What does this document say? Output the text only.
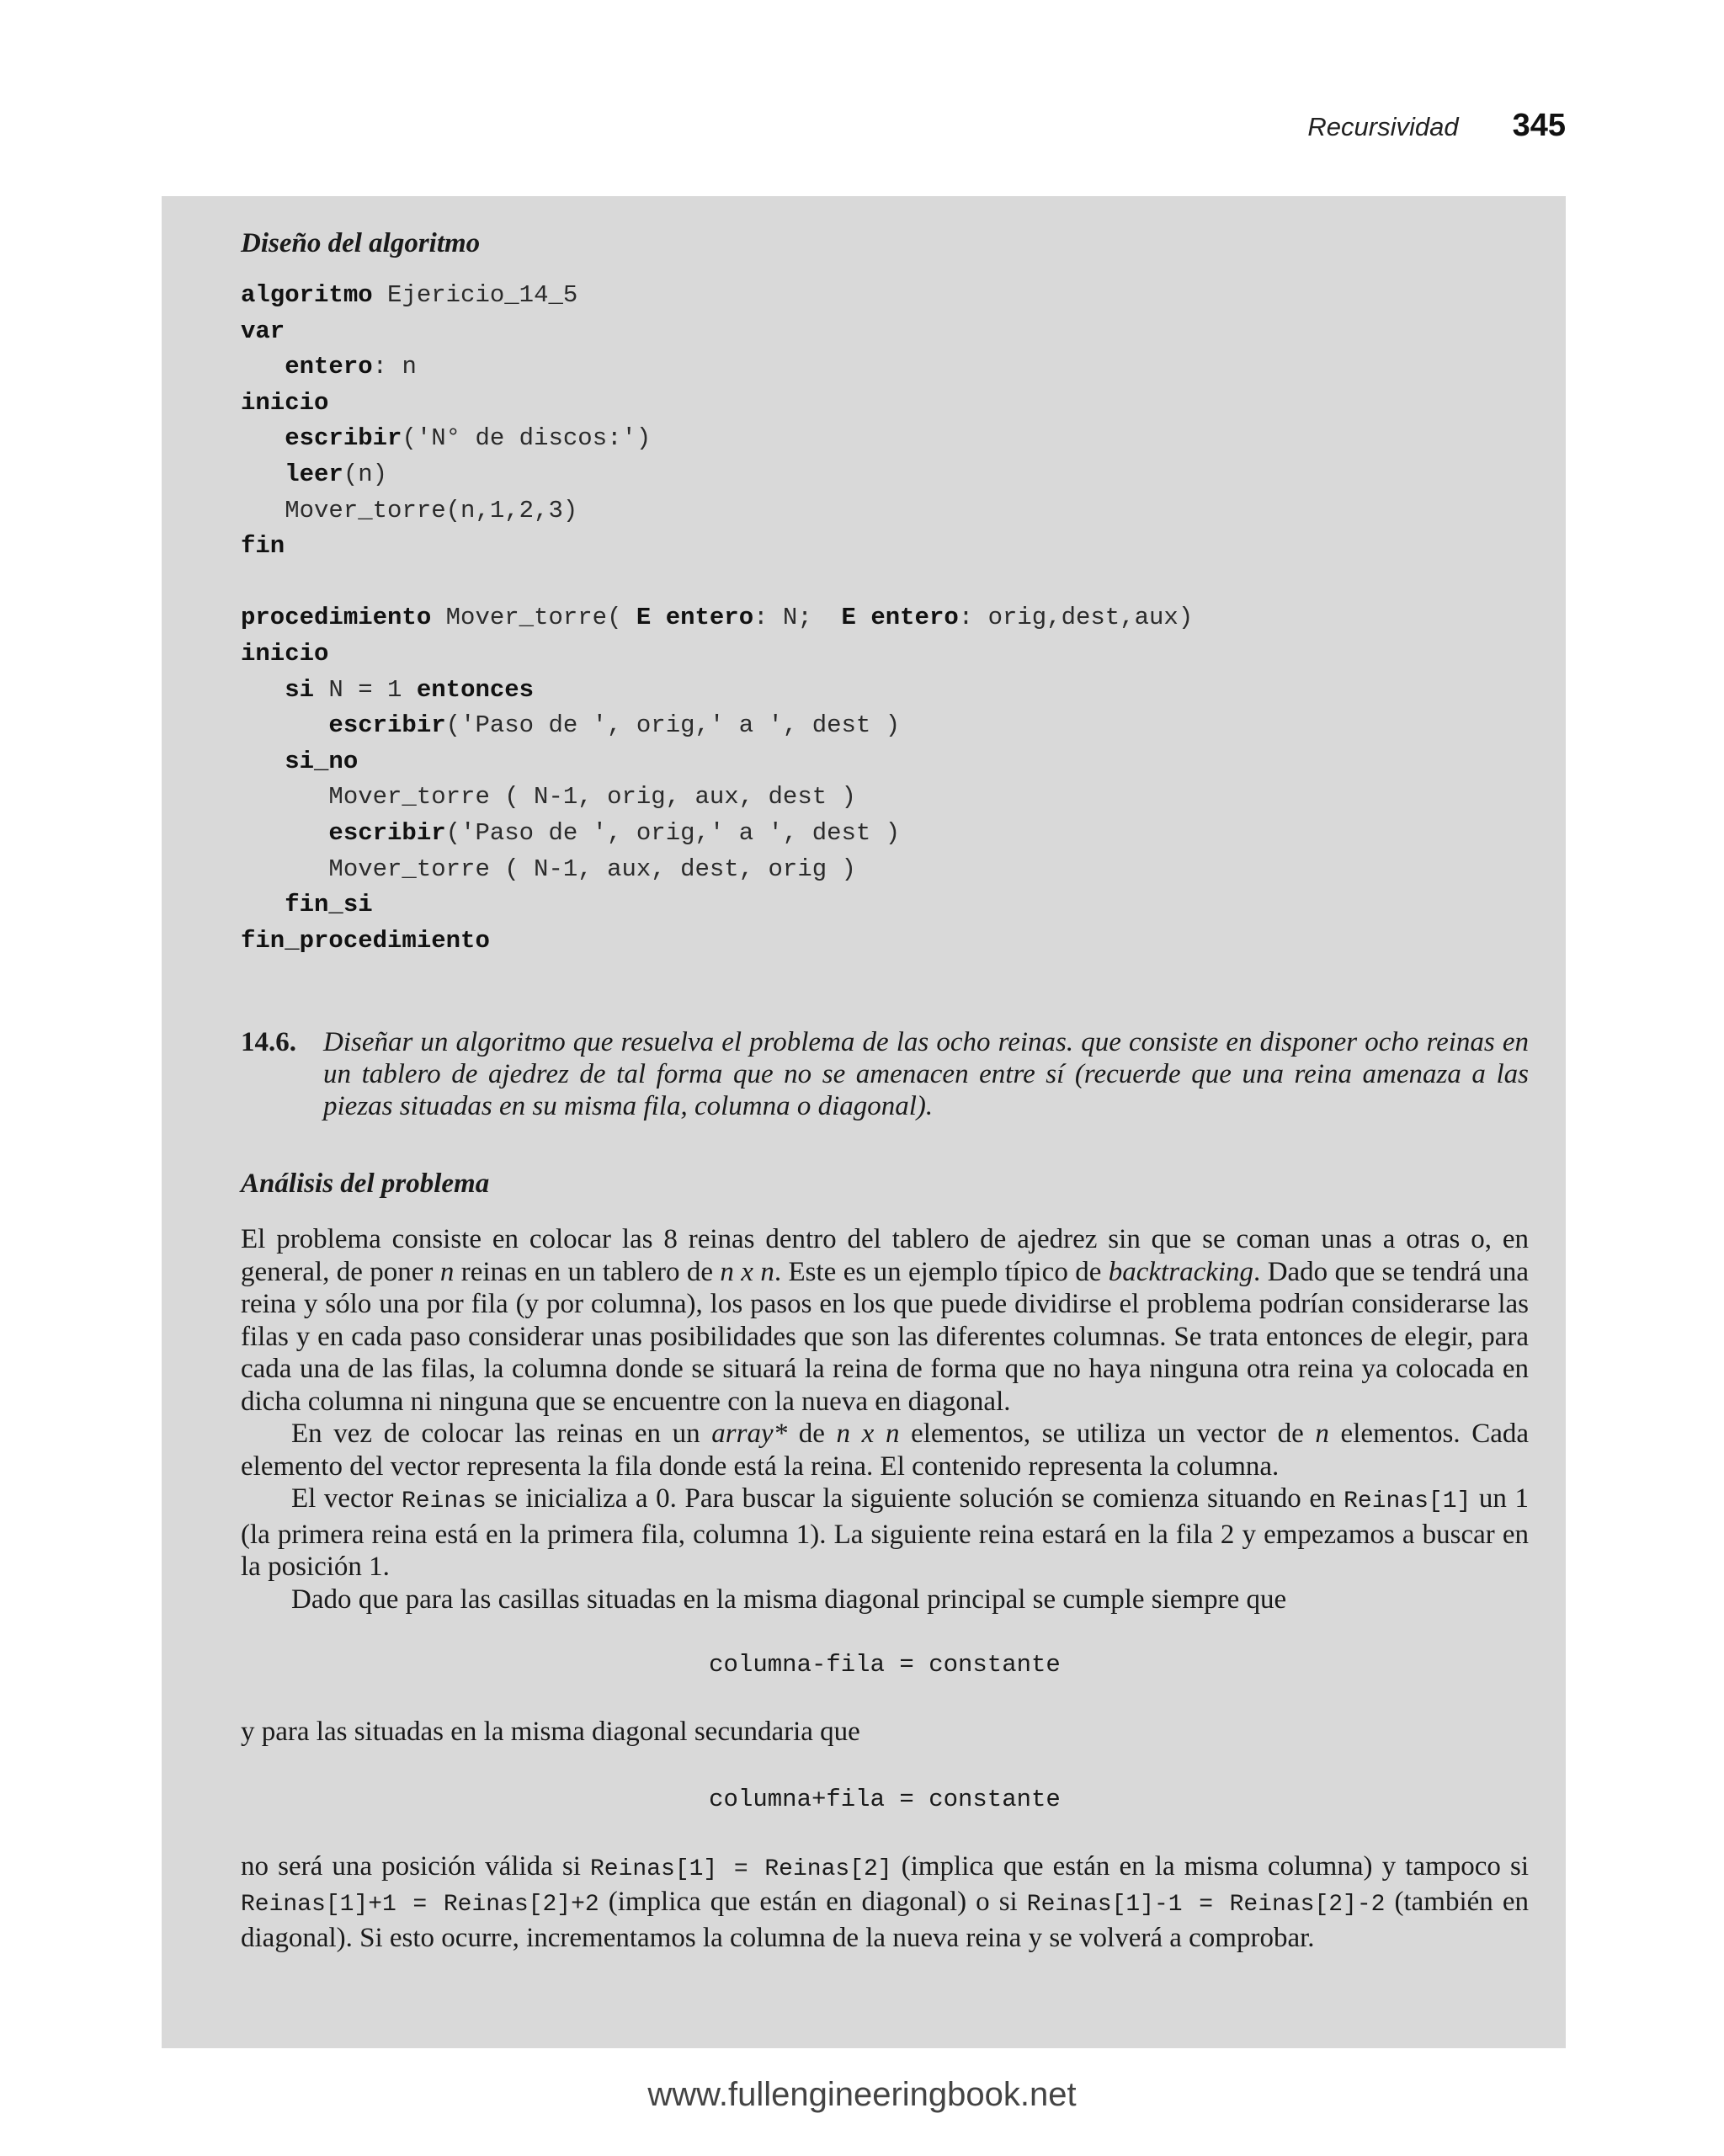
Recursividad 345

Diseño del algoritmo

algoritmo Ejericio_14_5
var
entero: n
inicio
escribir('N° de discos:')
leer(n)
Mover_torre(n,1,2,3)
fin

procedimiento Mover_torre( E entero: N;  E entero: orig,dest,aux)
inicio
si N = 1 entonces
escribir('Paso de ', orig,' a ', dest )
si_no
Mover_torre ( N-1, orig, aux, dest )
escribir('Paso de ', orig,' a ', dest )
Mover_torre ( N-1, aux, dest, orig )
fin_si
fin_procedimiento
14.6. Diseñar un algoritmo que resuelva el problema de las ocho reinas. que consiste en disponer ocho reinas en un tablero de ajedrez de tal forma que no se amenacen entre sí (recuerde que una reina amenaza a las piezas situadas en su misma fila, columna o diagonal).

Análisis del problema

El problema consiste en colocar las 8 reinas dentro del tablero de ajedrez sin que se coman unas a otras o, en general, de poner n reinas en un tablero de n x n. Este es un ejemplo típico de backtracking. Dado que se tendrá una reina y sólo una por fila (y por columna), los pasos en los que puede dividirse el problema podrían considerarse las filas y en cada paso considerar unas posibilidades que son las diferentes columnas. Se trata entonces de elegir, para cada una de las filas, la columna donde se situará la reina de forma que no haya ninguna otra reina ya colocada en dicha columna ni ninguna que se encuentre con la nueva en diagonal.

En vez de colocar las reinas en un array* de n x n elementos, se utiliza un vector de n elementos. Cada elemento del vector representa la fila donde está la reina. El contenido representa la columna.

El vector Reinas se inicializa a 0. Para buscar la siguiente solución se comienza situando en Reinas[1] un 1 (la primera reina está en la primera fila, columna 1). La siguiente reina estará en la fila 2 y empezamos a buscar en la posición 1.

Dado que para las casillas situadas en la misma diagonal principal se cumple siempre que

columna-fila = constante

y para las situadas en la misma diagonal secundaria que

columna+fila = constante

no será una posición válida si Reinas[1] = Reinas[2] (implica que están en la misma columna) y tampoco si Reinas[1]+1 = Reinas[2]+2 (implica que están en diagonal) o si Reinas[1]-1 = Reinas[2]-2 (también en diagonal). Si esto ocurre, incrementamos la columna de la nueva reina y se volverá a comprobar.

www.fullengineeringbook.net
